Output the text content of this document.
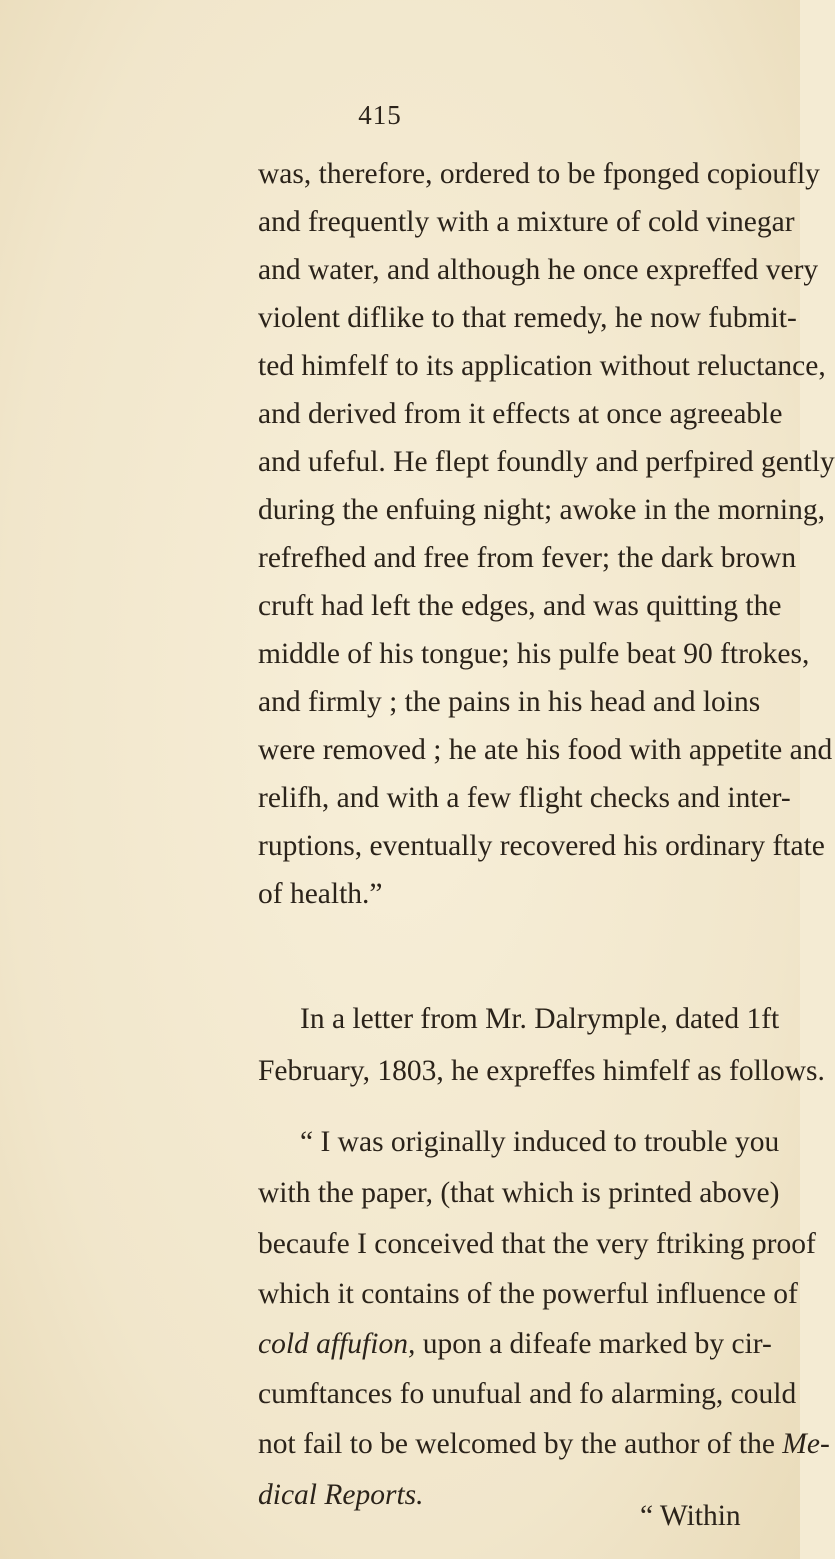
415
was, therefore, ordered to be fponged copioufly
and frequently with a mixture of cold vinegar
and water, and although he once expreffed very
violent diflike to that remedy, he now fubmit-
ted himfelf to its application without reluctance,
and derived from it effects at once agreeable
and ufeful. He flept foundly and perfpired gently
during the enfuing night; awoke in the morning,
refrefhed and free from fever; the dark brown
cruft had left the edges, and was quitting the
middle of his tongue; his pulfe beat 90 ftrokes,
and firmly ; the pains in his head and loins
were removed ; he ate his food with appetite and
relifh, and with a few flight checks and inter-
ruptions, eventually recovered his ordinary ftate
of health.”
In a letter from Mr. Dalrymple, dated 1ft
February, 1803, he expreffes himfelf as follows.
“ I was originally induced to trouble you
with the paper, (that which is printed above)
becaufe I conceived that the very ftriking proof
which it contains of the powerful influence of
cold affufion, upon a difeafe marked by cir-
cumftances fo unufual and fo alarming, could
not fail to be welcomed by the author of the Me-
dical Reports.
“ Within
